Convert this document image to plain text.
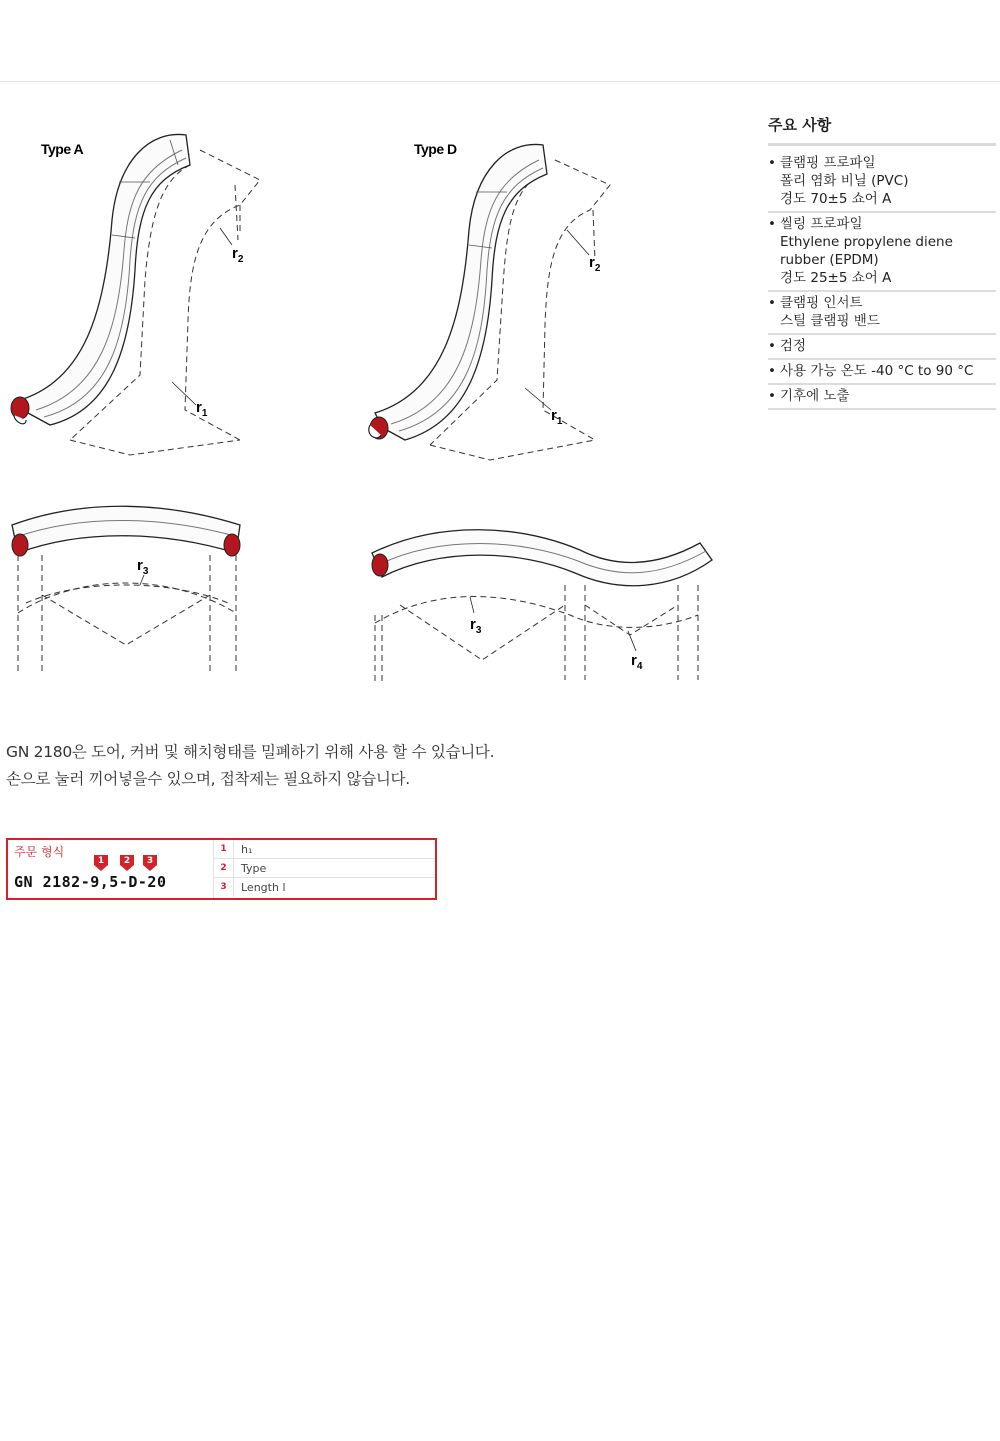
Type A
$r_2$
$r_1$
Type D
$r_2$
$r_1$
$r_3$
$r_3$
$r_4$
주요 사항
• 클램핑 프로파일
폴리 염화 비닐 (PVC)
경도 70±5 쇼어 A
• 씰링 프로파일
Ethylene propylene diene
rubber (EPDM)
경도 25±5 쇼어 A
• 클램핑 인서트
스틸 클램핑 밴드
• 검정
• 사용 가능 온도 -40 °C to 90 °C
• 기후에 노출

GN 2180은 도어, 커버 및 해치형태를 밀폐하기 위해 사용 할 수 있습니다.

손으로 눌러 끼어넣을수 있으며, 접착제는 필요하지 않습니다.

주문 형식
1	2	3
GN 2182-9,5-D-20
1	h₁
2	Type
3	Length l
